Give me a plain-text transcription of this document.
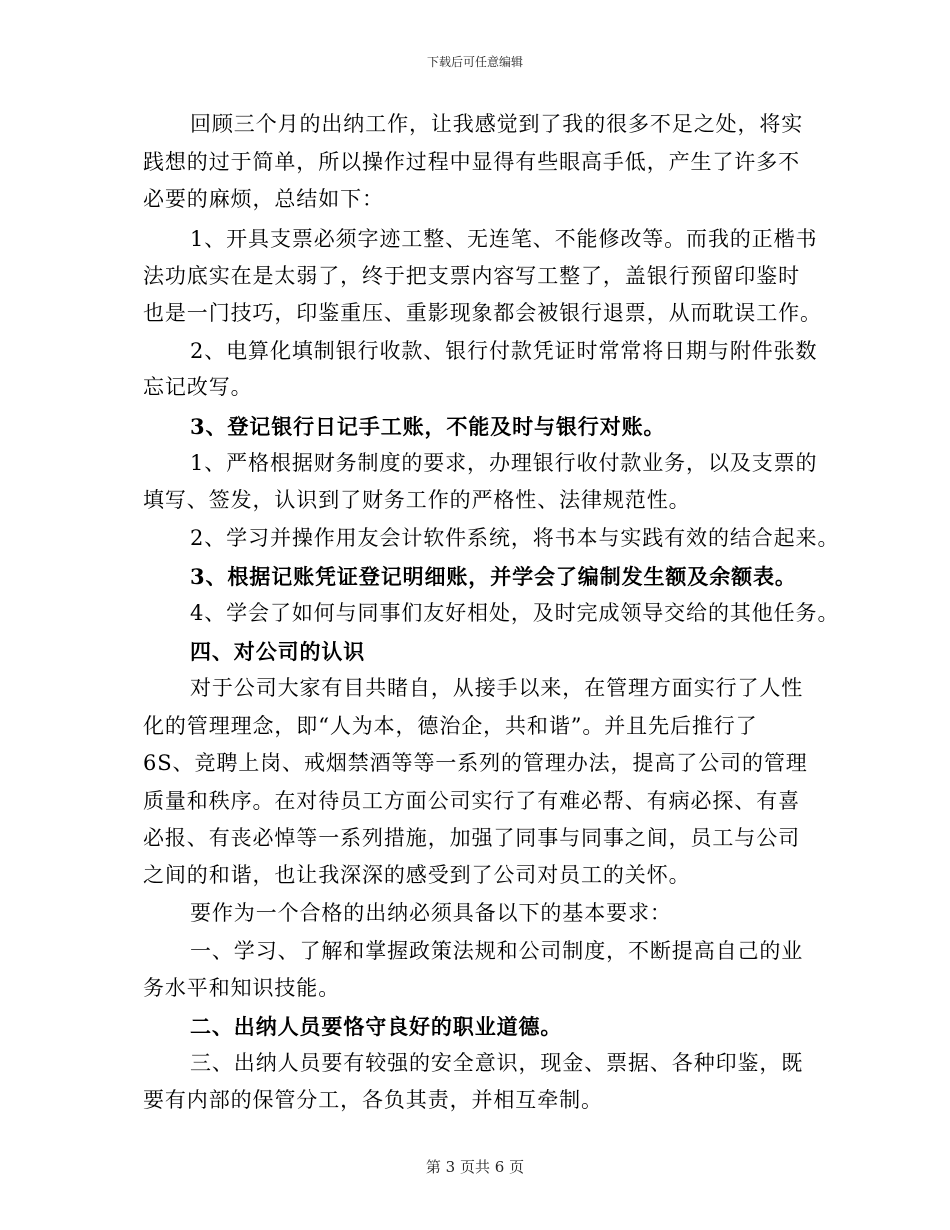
下载后可任意编辑
回顾三个月的出纳工作，让我感觉到了我的很多不足之处，将实
践想的过于简单，所以操作过程中显得有些眼高手低，产生了许多不
必要的麻烦，总结如下：
1、开具支票必须字迹工整、无连笔、不能修改等。而我的正楷书
法功底实在是太弱了，终于把支票内容写工整了，盖银行预留印鉴时
也是一门技巧，印鉴重压、重影现象都会被银行退票，从而耽误工作。
2、电算化填制银行收款、银行付款凭证时常常将日期与附件张数
忘记改写。
3、登记银行日记手工账，不能及时与银行对账。
1、严格根据财务制度的要求，办理银行收付款业务，以及支票的
填写、签发，认识到了财务工作的严格性、法律规范性。
2、学习并操作用友会计软件系统，将书本与实践有效的结合起来。
3、根据记账凭证登记明细账，并学会了编制发生额及余额表。
4、学会了如何与同事们友好相处，及时完成领导交给的其他任务。
四、对公司的认识
对于公司大家有目共睹自，从接手以来，在管理方面实行了人性
化的管理理念，即“人为本，德治企，共和谐”。并且先后推行了
6S、竞聘上岗、戒烟禁酒等等一系列的管理办法，提高了公司的管理
质量和秩序。在对待员工方面公司实行了有难必帮、有病必探、有喜
必报、有丧必悼等一系列措施，加强了同事与同事之间，员工与公司
之间的和谐，也让我深深的感受到了公司对员工的关怀。
要作为一个合格的出纳必须具备以下的基本要求：
一、学习、了解和掌握政策法规和公司制度，不断提高自己的业
务水平和知识技能。
二、出纳人员要恪守良好的职业道德。
三、出纳人员要有较强的安全意识，现金、票据、各种印鉴，既
要有内部的保管分工，各负其责，并相互牵制。
第 3 页共 6 页
